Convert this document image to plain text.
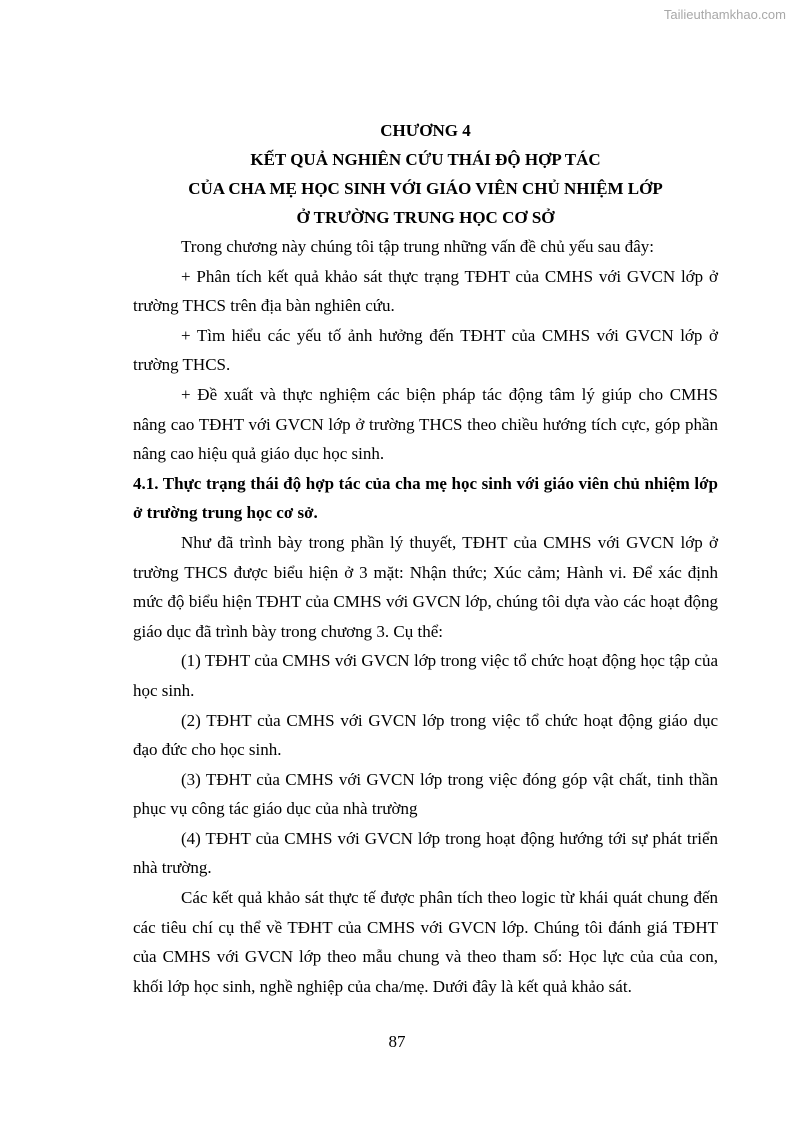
Tailieuthamkhao.com
CHƯƠNG 4
KẾT QUẢ NGHIÊN CỨU THÁI ĐỘ HỢP TÁC
CỦA CHA MẸ HỌC SINH VỚI GIÁO VIÊN CHỦ NHIỆM LỚP
Ở TRƯỜNG TRUNG HỌC CƠ SỞ

Trong chương này chúng tôi tập trung những vấn đề chủ yếu sau đây:

+ Phân tích kết quả khảo sát thực trạng TĐHT của CMHS với GVCN lớp ở trường THCS trên địa bàn nghiên cứu.

+ Tìm hiểu các yếu tố ảnh hưởng đến TĐHT của CMHS với GVCN lớp ở trường THCS.

+ Đề xuất và thực nghiệm các biện pháp tác động tâm lý giúp cho CMHS nâng cao TĐHT với GVCN lớp ở trường THCS theo chiều hướng tích cực, góp phần nâng cao hiệu quả giáo dục học sinh.

4.1. Thực trạng thái độ hợp tác của cha mẹ học sinh với giáo viên chủ nhiệm lớp ở trường trung học cơ sở.

Như đã trình bày trong phần lý thuyết, TĐHT của CMHS với GVCN lớp ở trường THCS được biểu hiện ở 3 mặt: Nhận thức; Xúc cảm; Hành vi. Để xác định mức độ biểu hiện TĐHT của CMHS với GVCN lớp, chúng tôi dựa vào các hoạt động giáo dục đã trình bày trong chương 3. Cụ thể:

(1) TĐHT của CMHS với GVCN lớp trong việc tổ chức hoạt động học tập của học sinh.

(2) TĐHT của CMHS với GVCN lớp trong việc tổ chức hoạt động giáo dục đạo đức cho học sinh.

(3) TĐHT của CMHS với GVCN lớp trong việc đóng góp vật chất, tinh thần phục vụ công tác giáo dục của nhà trường

(4) TĐHT của CMHS với GVCN lớp trong hoạt động hướng tới sự phát triển nhà trường.

Các kết quả khảo sát thực tế được phân tích theo logic từ khái quát chung đến các tiêu chí cụ thể về TĐHT của CMHS với GVCN lớp. Chúng tôi đánh giá TĐHT của CMHS với GVCN lớp theo mẫu chung và theo tham số: Học lực của của con, khối lớp học sinh, nghề nghiệp của cha/mẹ. Dưới đây là kết quả khảo sát.

87
